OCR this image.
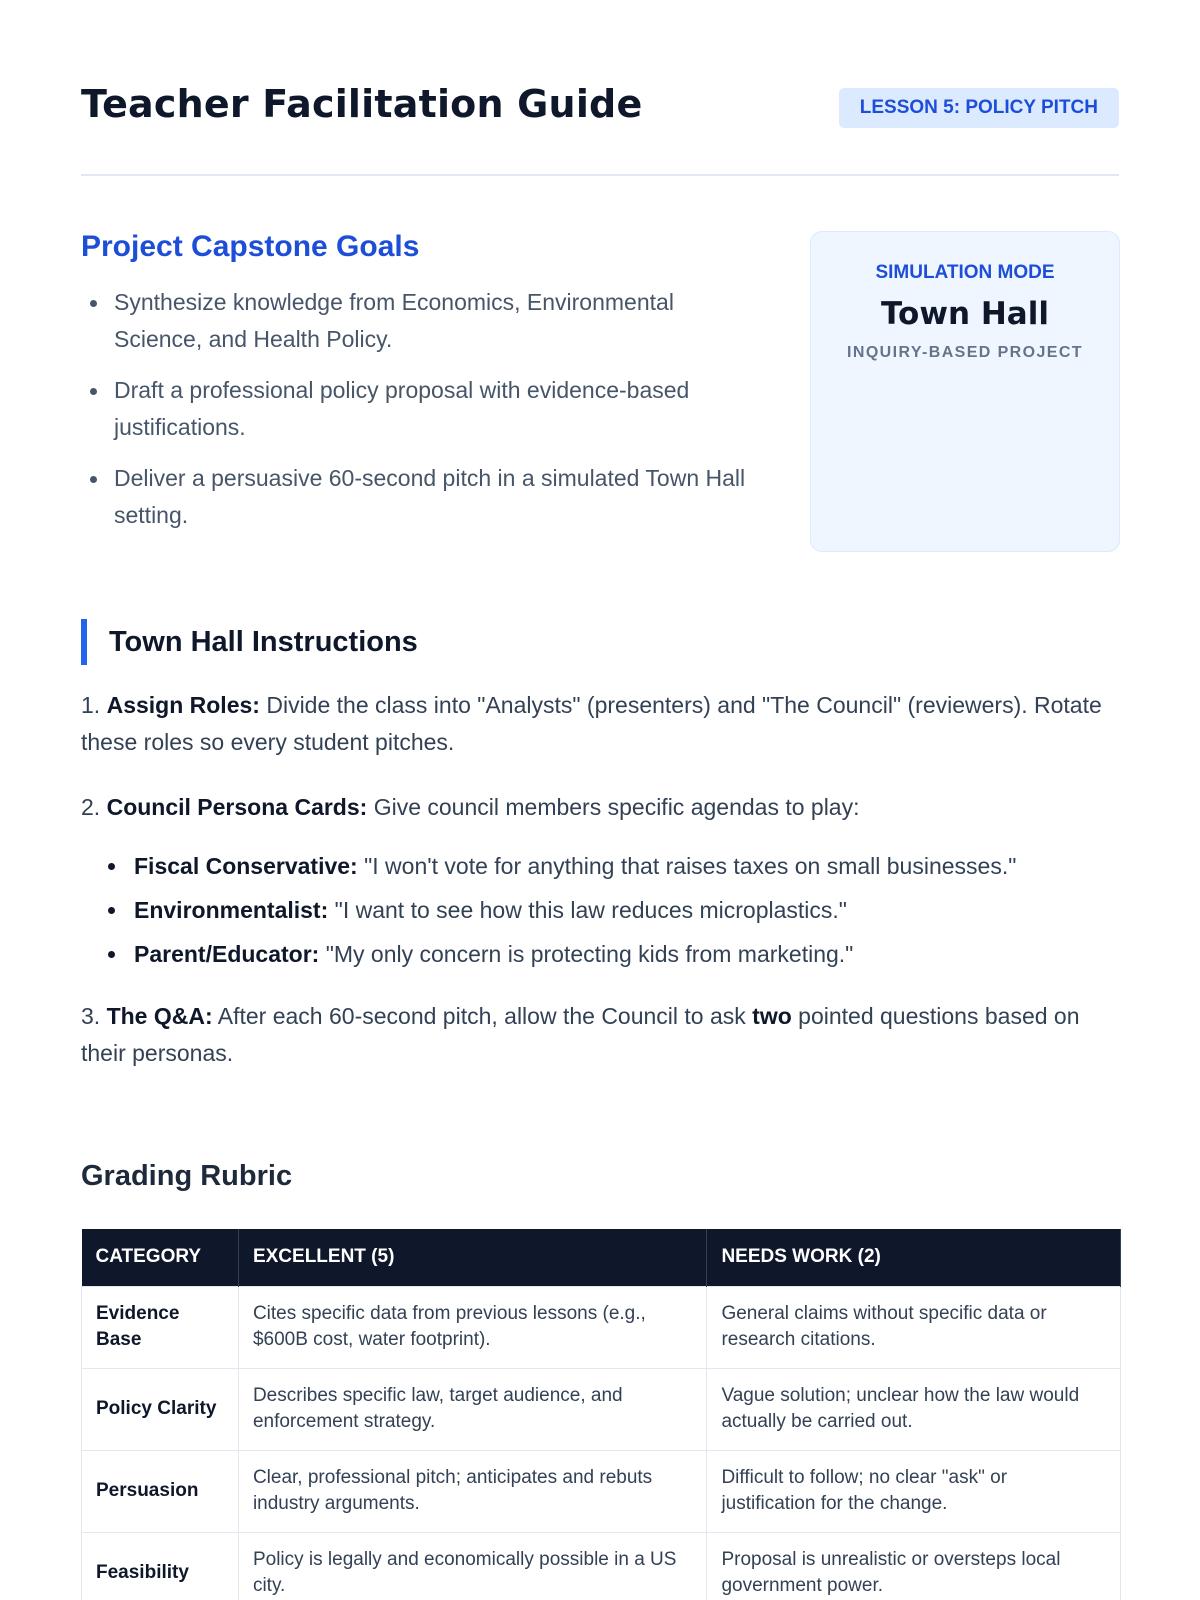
Teacher Facilitation Guide	LESSON 5: POLICY PITCH
Project Capstone Goals
Synthesize knowledge from Economics, Environmental Science, and Health Policy.
Draft a professional policy proposal with evidence-based justifications.
Deliver a persuasive 60-second pitch in a simulated Town Hall setting.
SIMULATION MODE
Town Hall
INQUIRY-BASED PROJECT
Town Hall Instructions

1. Assign Roles: Divide the class into "Analysts" (presenters) and "The Council" (reviewers). Rotate these roles so every student pitches.

2. Council Persona Cards: Give council members specific agendas to play:

Fiscal Conservative: "I won't vote for anything that raises taxes on small businesses."
Environmentalist: "I want to see how this law reduces microplastics."
Parent/Educator: "My only concern is protecting kids from marketing."

3. The Q&A: After each 60-second pitch, allow the Council to ask two pointed questions based on their personas.

Grading Rubric
CATEGORY	EXCELLENT (5)	NEEDS WORK (2)
Evidence Base	Cites specific data from previous lessons (e.g., $600B cost, water footprint).	General claims without specific data or research citations.
Policy Clarity	Describes specific law, target audience, and enforcement strategy.	Vague solution; unclear how the law would actually be carried out.
Persuasion	Clear, professional pitch; anticipates and rebuts industry arguments.	Difficult to follow; no clear "ask" or justification for the change.
Feasibility	Policy is legally and economically possible in a US city.	Proposal is unrealistic or oversteps local government power.
